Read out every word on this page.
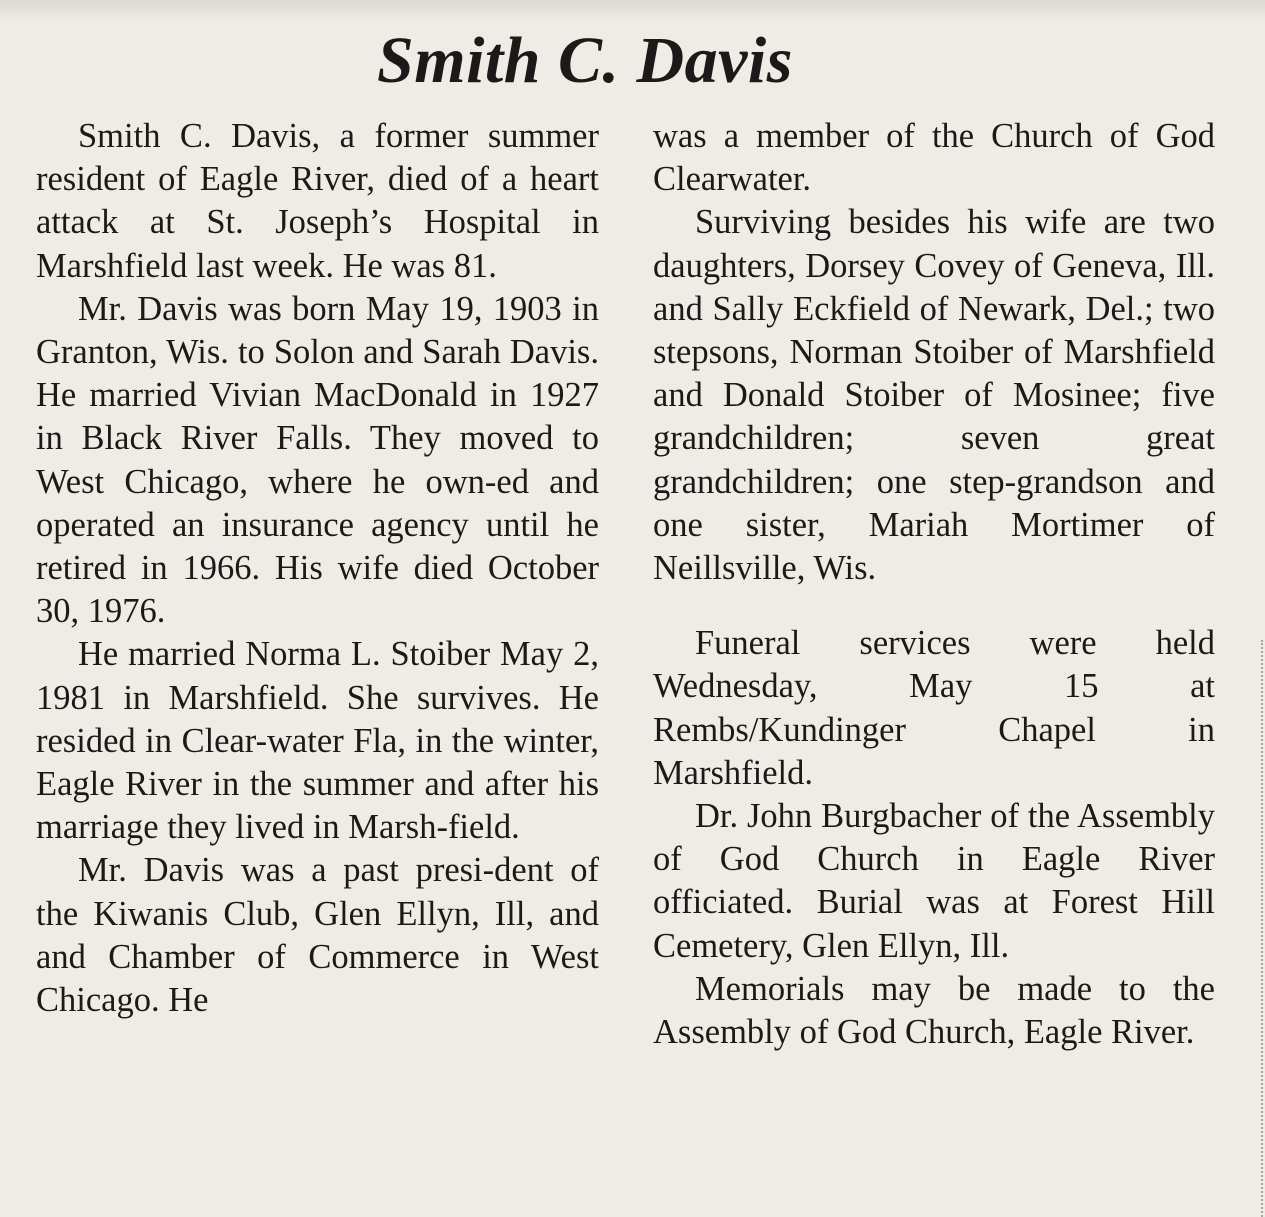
Smith C. Davis

Smith C. Davis, a former summer resident of Eagle River, died of a heart attack at St. Joseph’s Hospital in Marshfield last week. He was 81.

Mr. Davis was born May 19, 1903 in Granton, Wis. to Solon and Sarah Davis. He married Vivian MacDonald in 1927 in Black River Falls. They moved to West Chicago, where he own-ed and operated an insurance agency until he retired in 1966. His wife died October 30, 1976.

He married Norma L. Stoiber May 2, 1981 in Marshfield. She survives. He resided in Clear-water Fla, in the winter, Eagle River in the summer and after his marriage they lived in Marsh-field.

Mr. Davis was a past presi-dent of the Kiwanis Club, Glen Ellyn, Ill, and and Chamber of Commerce in West Chicago. He

was a member of the Church of God Clearwater.

Surviving besides his wife are two daughters, Dorsey Covey of Geneva, Ill. and Sally Eckfield of Newark, Del.; two stepsons, Norman Stoiber of Marshfield and Donald Stoiber of Mosinee; five grandchildren; seven great grandchildren; one step-grandson and one sister, Mariah Mortimer of Neillsville, Wis.

Funeral services were held Wednesday, May 15 at Rembs/Kundinger Chapel in Marshfield.

Dr. John Burgbacher of the Assembly of God Church in Eagle River officiated. Burial was at Forest Hill Cemetery, Glen Ellyn, Ill.

Memorials may be made to the Assembly of God Church, Eagle River.
